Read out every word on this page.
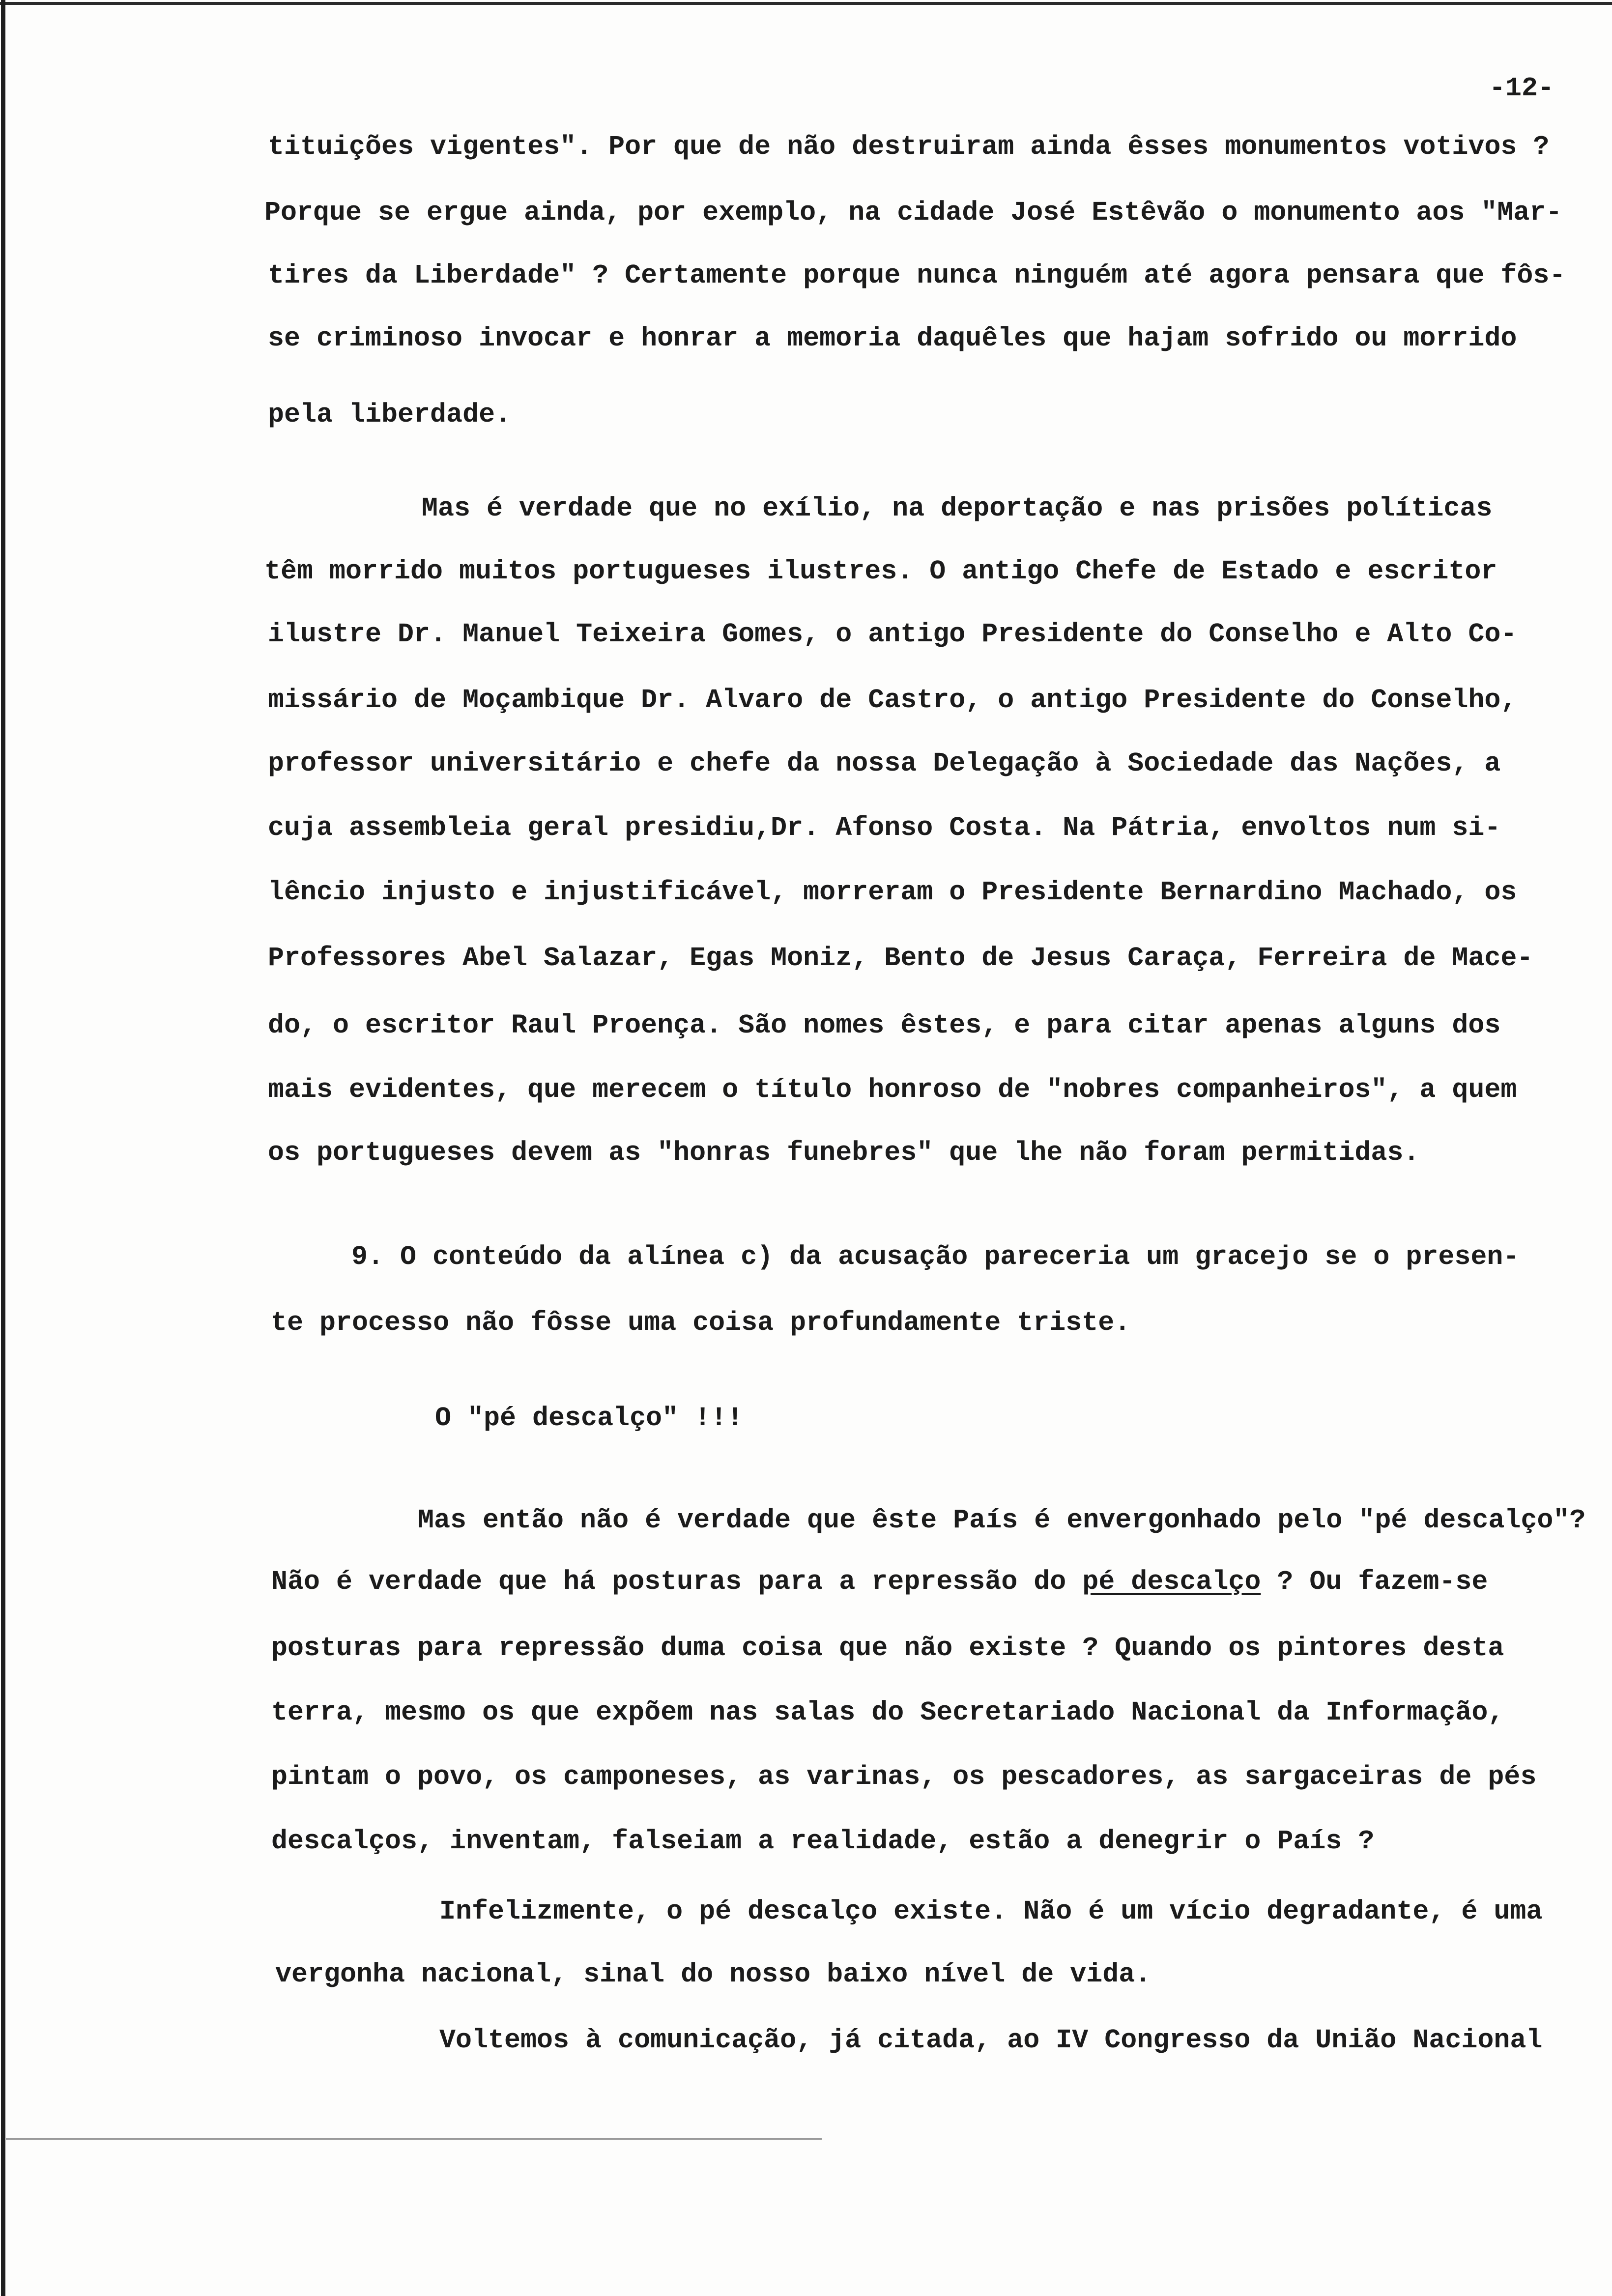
-12-
tituições vigentes". Por que de não destruiram ainda êsses monumentos votivos ?
Porque se ergue ainda, por exemplo, na cidade José Estêvão o monumento aos "Mar-
tires da Liberdade" ? Certamente porque nunca ninguém até agora pensara que fôs-
se criminoso invocar e honrar a memoria daquêles que hajam sofrido ou morrido
pela liberdade.
Mas é verdade que no exílio, na deportação e nas prisões políticas
têm morrido muitos portugueses ilustres. O antigo Chefe de Estado e escritor
ilustre Dr. Manuel Teixeira Gomes, o antigo Presidente do Conselho e Alto Co-
missário de Moçambique Dr. Alvaro de Castro, o antigo Presidente do Conselho,
professor universitário e chefe da nossa Delegação à Sociedade das Nações, a
cuja assembleia geral presidiu,Dr. Afonso Costa. Na Pátria, envoltos num si-
lêncio injusto e injustificável, morreram o Presidente Bernardino Machado, os
Professores Abel Salazar, Egas Moniz, Bento de Jesus Caraça, Ferreira de Mace-
do, o escritor Raul Proença. São nomes êstes, e para citar apenas alguns dos
mais evidentes, que merecem o título honroso de "nobres companheiros", a quem
os portugueses devem as "honras funebres" que lhe não foram permitidas.
9. O conteúdo da alínea c) da acusação pareceria um gracejo se o presen-
te processo não fôsse uma coisa profundamente triste.
O "pé descalço" !!!
Mas então não é verdade que êste País é envergonhado pelo "pé descalço"?
Não é verdade que há posturas para a repressão do pé descalço ? Ou fazem-se
posturas para repressão duma coisa que não existe ? Quando os pintores desta
terra, mesmo os que expõem nas salas do Secretariado Nacional da Informação,
pintam o povo, os camponeses, as varinas, os pescadores, as sargaceiras de pés
descalços, inventam, falseiam a realidade, estão a denegrir o País ?
Infelizmente, o pé descalço existe. Não é um vício degradante, é uma
vergonha nacional, sinal do nosso baixo nível de vida.
Voltemos à comunicação, já citada, ao IV Congresso da União Nacional
